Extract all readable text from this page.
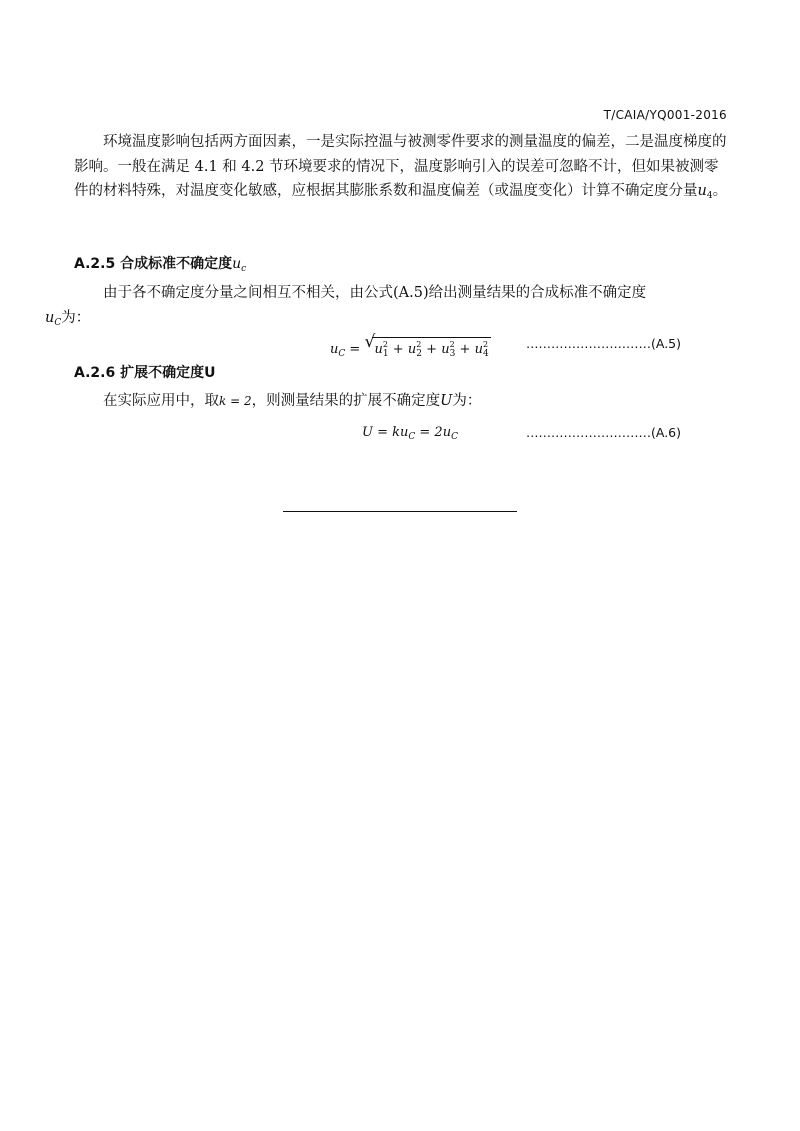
T/CAIA/YQ001-2016

环境温度影响包括两方面因素，一是实际控温与被测零件要求的测量温度的偏差，二是温度梯度的影响。一般在满足 4.1 和 4.2 节环境要求的情况下，温度影响引入的误差可忽略不计，但如果被测零件的材料特殊，对温度变化敏感，应根据其膨胀系数和温度偏差（或温度变化）计算不确定度分量$u_4$。

A.2.5 合成标准不确定度$u_c$

由于各不确定度分量之间相互不相关，由公式(A.5)给出测量结果的合成标准不确定度
$u_C$为：

$u_C$ = √ $u^2_1 + u^2_2 + u^2_3 + u^2_4$
…………………………(A.5)
A.2.6 扩展不确定度U

在实际应用中，取k = 2，则测量结果的扩展不确定度U为：

$U = ku_C = 2u_C$	…………………………(A.6)
